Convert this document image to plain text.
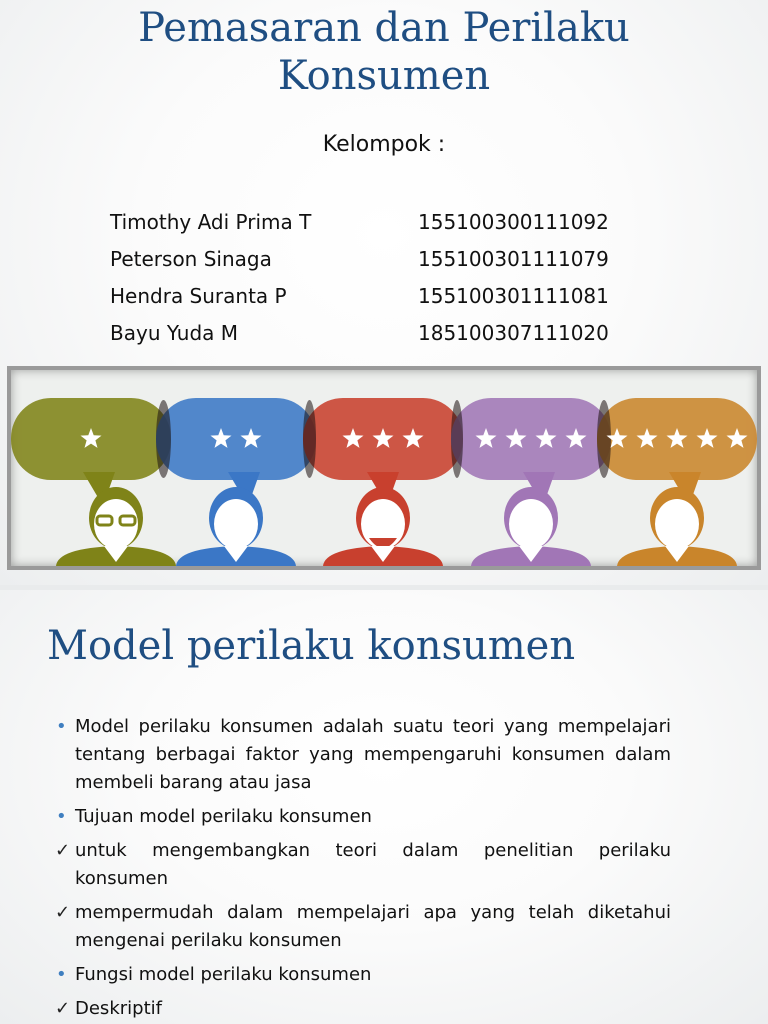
Pemasaran dan Perilaku
Konsumen
Kelompok :
Timothy Adi Prima T	155100300111092
Peterson Sinaga	155100301111079
Hendra Suranta P	155100301111081
Bayu Yuda M	185100307111020
Model perilaku konsumen
• Model perilaku konsumen adalah suatu teori yang mempelajari tentang berbagai faktor yang mempengaruhi konsumen dalam membeli barang atau jasa
• Tujuan model perilaku konsumen
✓ untuk mengembangkan teori dalam penelitian perilaku konsumen
✓ mempermudah dalam mempelajari apa yang telah diketahui mengenai perilaku konsumen
• Fungsi model perilaku konsumen
✓ Deskriptif
